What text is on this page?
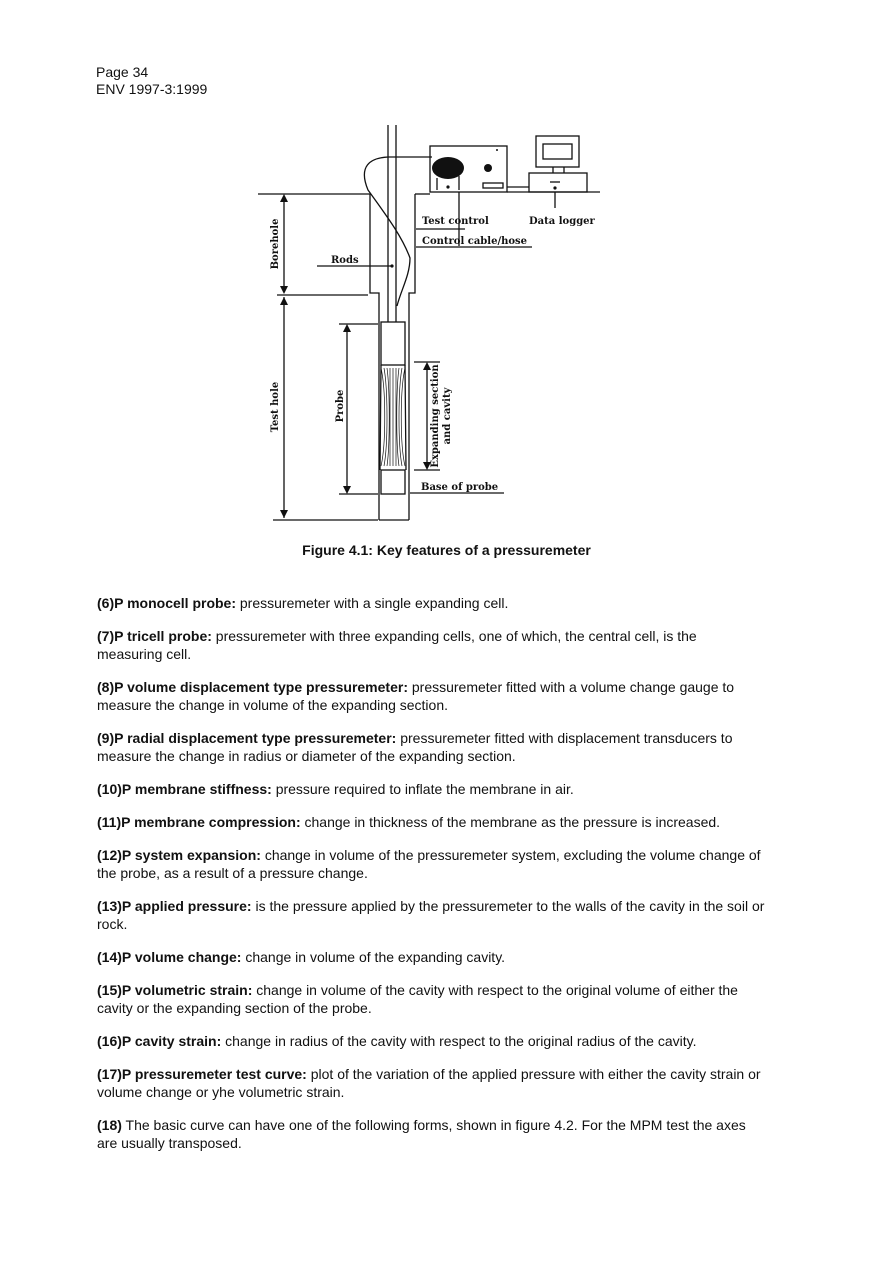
Page 34
ENV 1997-3:1999
Test control	Data logger
Control cable/hose
Rods
Base of probe
Borehole
Test hole	Probe	Expanding section and cavity
Figure 4.1: Key features of a pressuremeter

(6)P monocell probe: pressuremeter with a single expanding cell.

(7)P tricell probe: pressuremeter with three expanding cells, one of which, the central cell, is the measuring cell.

(8)P volume displacement type pressuremeter: pressuremeter fitted with a volume change gauge to measure the change in volume of the expanding section.

(9)P radial displacement type pressuremeter: pressuremeter fitted with displacement transducers to measure the change in radius or diameter of the expanding section.

(10)P membrane stiffness: pressure required to inflate the membrane in air.

(11)P membrane compression: change in thickness of the membrane as the pressure is increased.

(12)P system expansion: change in volume of the pressuremeter system, excluding the volume change of the probe, as a result of a pressure change.

(13)P applied pressure: is the pressure applied by the pressuremeter to the walls of the cavity in the soil or rock.

(14)P volume change: change in volume of the expanding cavity.

(15)P volumetric strain: change in volume of the cavity with respect to the original volume of either the cavity or the expanding section of the probe.

(16)P cavity strain: change in radius of the cavity with respect to the original radius of the cavity.

(17)P pressuremeter test curve: plot of the variation of the applied pressure with either the cavity strain or volume change or yhe volumetric strain.

(18) The basic curve can have one of the following forms, shown in figure 4.2. For the MPM test the axes are usually transposed.
